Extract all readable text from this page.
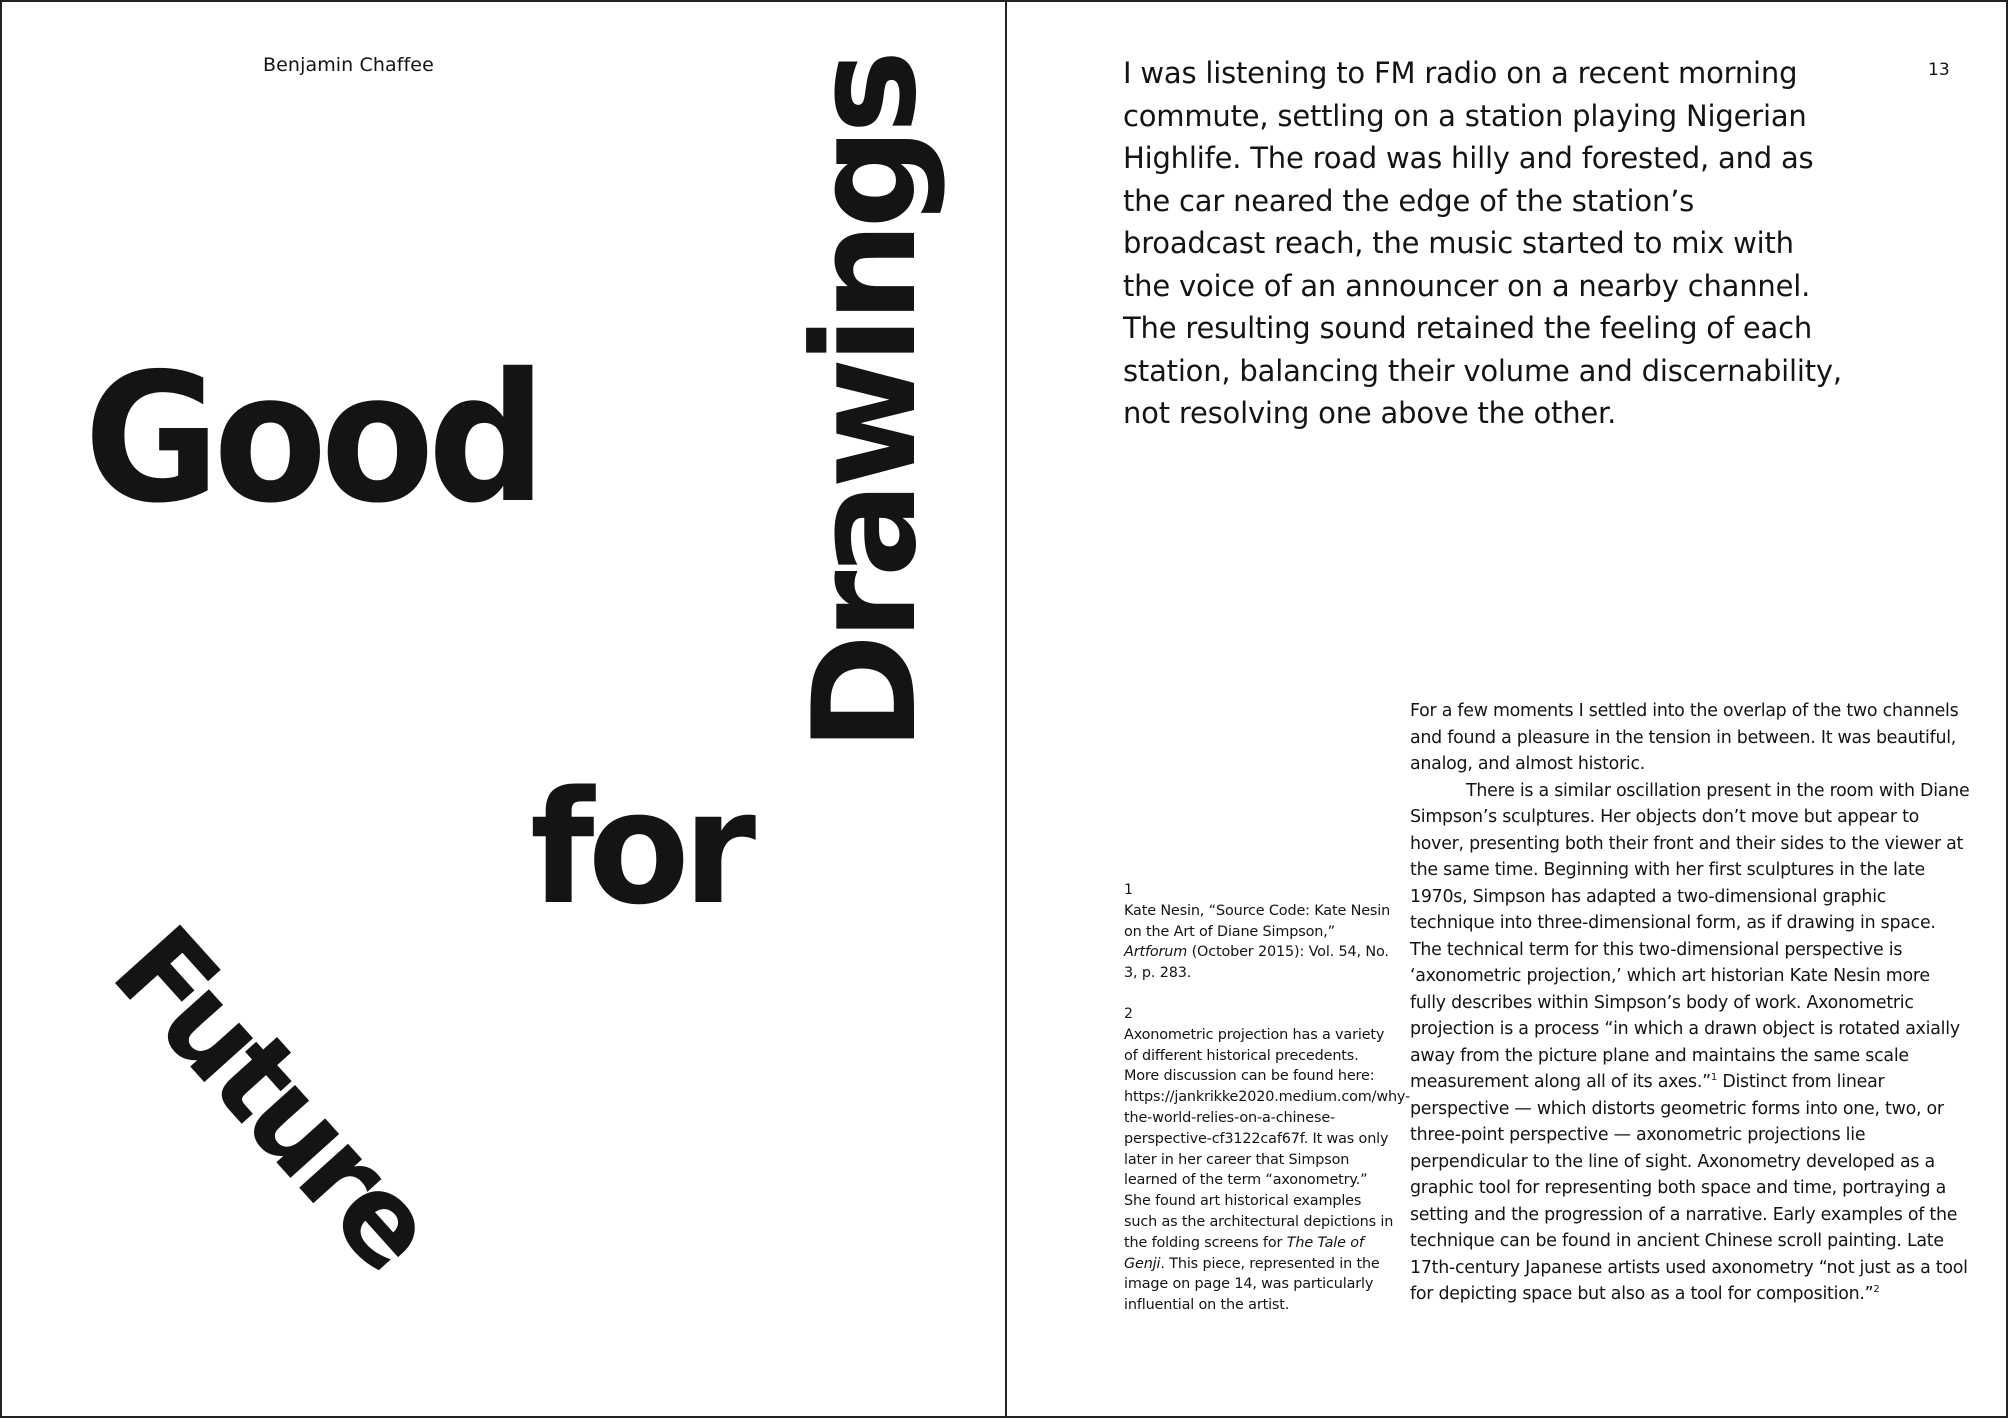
Benjamin Chaffee
Good Drawings
for
Future
13

I was listening to FM radio on a recent morning commute, settling on a station playing Nigerian Highlife. The road was hilly and forested, and as the car neared the edge of the station’s broadcast reach, the music started to mix with the voice of an announcer on a nearby channel. The resulting sound retained the feeling of each station, balancing their volume and discernability, not resolving one above the other.

1
Kate Nesin, “Source Code: Kate Nesin on the Art of Diane Simpson,” Artforum (October 2015): Vol. 54, No. 3, p. 283.
2
Axonometric projection has a variety of different historical precedents. More discussion can be found here: https://jankrikke2020.medium.com/why-the-world-relies-on-a-chinese-perspective-cf3122caf67f. It was only later in her career that Simpson learned of the term “axonometry.” She found art historical examples such as the architectural depictions in the folding screens for The Tale of Genji. This piece, represented in the image on page 14, was particularly influential on the artist.

For a few moments I settled into the overlap of the two channels and found a pleasure in the tension in between. It was beautiful, analog, and almost historic.

There is a similar oscillation present in the room with Diane Simpson’s sculptures. Her objects don’t move but appear to hover, presenting both their front and their sides to the viewer at the same time. Beginning with her first sculptures in the late 1970s, Simpson has adapted a two-dimensional graphic technique into three-dimensional form, as if drawing in space. The technical term for this two-dimensional perspective is ‘axonometric projection,’ which art historian Kate Nesin more fully describes within Simpson’s body of work. Axonometric projection is a process “in which a drawn object is rotated axially away from the picture plane and maintains the same scale measurement along all of its axes.”$^1$ Distinct from linear perspective — which distorts geometric forms into one, two, or three-point perspective — axonometric projections lie perpendicular to the line of sight. Axonometry developed as a graphic tool for representing both space and time, portraying a setting and the progression of a narrative. Early examples of the technique can be found in ancient Chinese scroll painting. Late 17th-century Japanese artists used axonometry “not just as a tool for depicting space but also as a tool for composition.”$^2$
